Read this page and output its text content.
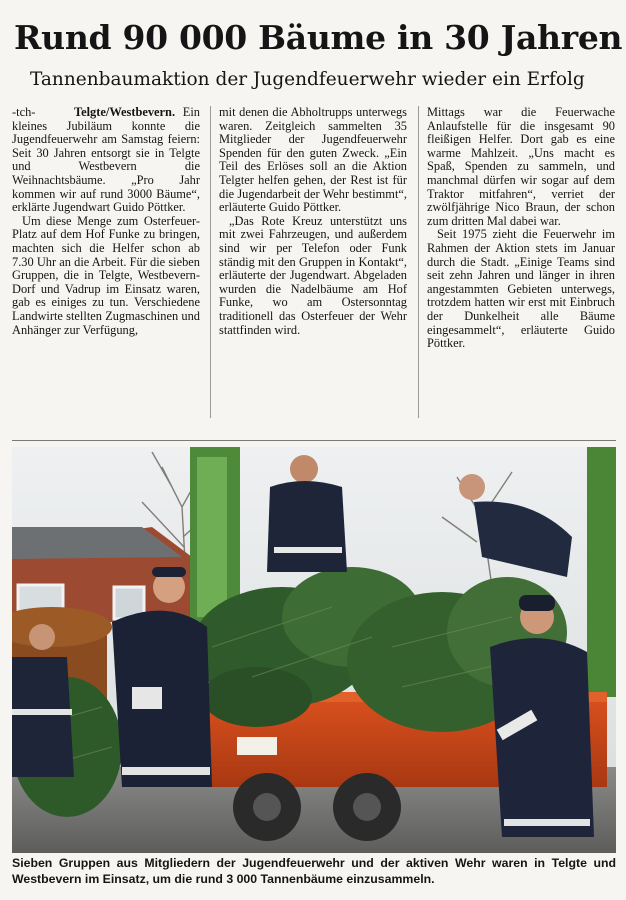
Rund 90 000 Bäume in 30 Jahren
Tannenbaumaktion der Jugendfeuerwehr wieder ein Erfolg

-tch-	Telgte/Westbevern. Ein kleines Jubiläum konnte die Jugendfeuerwehr am Samstag feiern: Seit 30 Jahren entsorgt sie in Telgte und Westbevern die Weihnachtsbäume. „Pro Jahr kommen wir auf rund 3000 Bäume“, erklärte Jugendwart Guido Pöttker.

Um diese Menge zum Osterfeuer-Platz auf dem Hof Funke zu bringen, machten sich die Helfer schon ab 7.30 Uhr an die Arbeit. Für die sieben Gruppen, die in Telgte, Westbevern-Dorf und Vadrup im Einsatz waren, gab es einiges zu tun. Verschiedene Landwirte stellten Zugmaschinen und Anhänger zur Verfügung,

mit denen die Abholtrupps unterwegs waren. Zeitgleich sammelten 35 Mitglieder der Jugendfeuerwehr Spenden für den guten Zweck. „Ein Teil des Erlöses soll an die Aktion Telgter helfen gehen, der Rest ist für die Jugendarbeit der Wehr bestimmt“, erläuterte Guido Pöttker.

„Das Rote Kreuz unterstützt uns mit zwei Fahrzeugen, und außerdem sind wir per Telefon oder Funk ständig mit den Gruppen in Kontakt“, erläuterte der Jugendwart. Abgeladen wurden die Nadelbäume am Hof Funke, wo am Ostersonntag traditionell das Osterfeuer der Wehr stattfinden wird.

Mittags war die Feuerwache Anlaufstelle für die insgesamt 90 fleißigen Helfer. Dort gab es eine warme Mahlzeit. „Uns macht es Spaß, Spenden zu sammeln, und manchmal dürfen wir sogar auf dem Traktor mitfahren“, verriet der zwölfjährige Nico Braun, der schon zum dritten Mal dabei war.

Seit 1975 zieht die Feuerwehr im Rahmen der Aktion stets im Januar durch die Stadt. „Einige Teams sind seit zehn Jahren und länger in ihren angestammten Gebieten unterwegs, trotzdem hatten wir erst mit Einbruch der Dunkelheit alle Bäume eingesammelt“, erläuterte Guido Pöttker.

Sieben Gruppen aus Mitgliedern der Jugendfeuerwehr und der aktiven Wehr waren in Telgte und Westbevern im Einsatz, um die rund 3 000 Tannenbäume einzusammeln.
